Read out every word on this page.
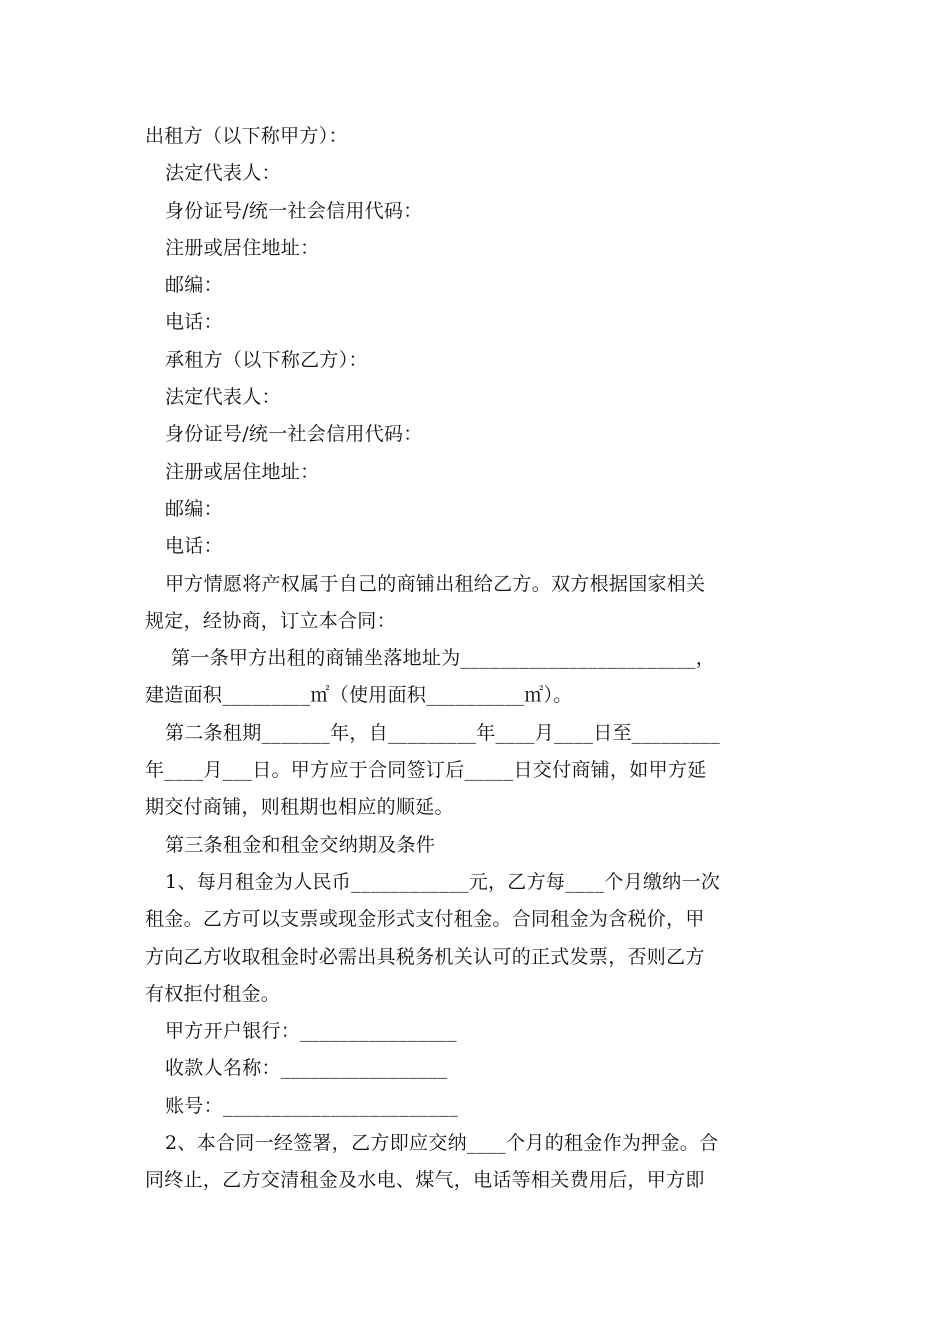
出租方（以下称甲方）：

法定代表人：

身份证号/统一社会信用代码：

注册或居住地址：

邮编：

电话：

承租方（以下称乙方）：

法定代表人：

身份证号/统一社会信用代码：

注册或居住地址：

邮编：

电话：

甲方情愿将产权属于自己的商铺出租给乙方。双方根据国家相关

规定，经协商，订立本合同：

第一条甲方出租的商铺坐落地址为________________________，

建造面积_________㎡（使用面积__________㎡）。

第二条租期_______年，自_________年____月____日至_________

年____月___日。甲方应于合同签订后_____日交付商铺，如甲方延

期交付商铺，则租期也相应的顺延。

第三条租金和租金交纳期及条件

1、每月租金为人民币____________元，乙方每____个月缴纳一次

租金。乙方可以支票或现金形式支付租金。合同租金为含税价，甲

方向乙方收取租金时必需出具税务机关认可的正式发票，否则乙方

有权拒付租金。

甲方开户银行：________________

收款人名称：_________________

账号：________________________

2、本合同一经签署，乙方即应交纳____个月的租金作为押金。合

同终止，乙方交清租金及水电、煤气，电话等相关费用后，甲方即
